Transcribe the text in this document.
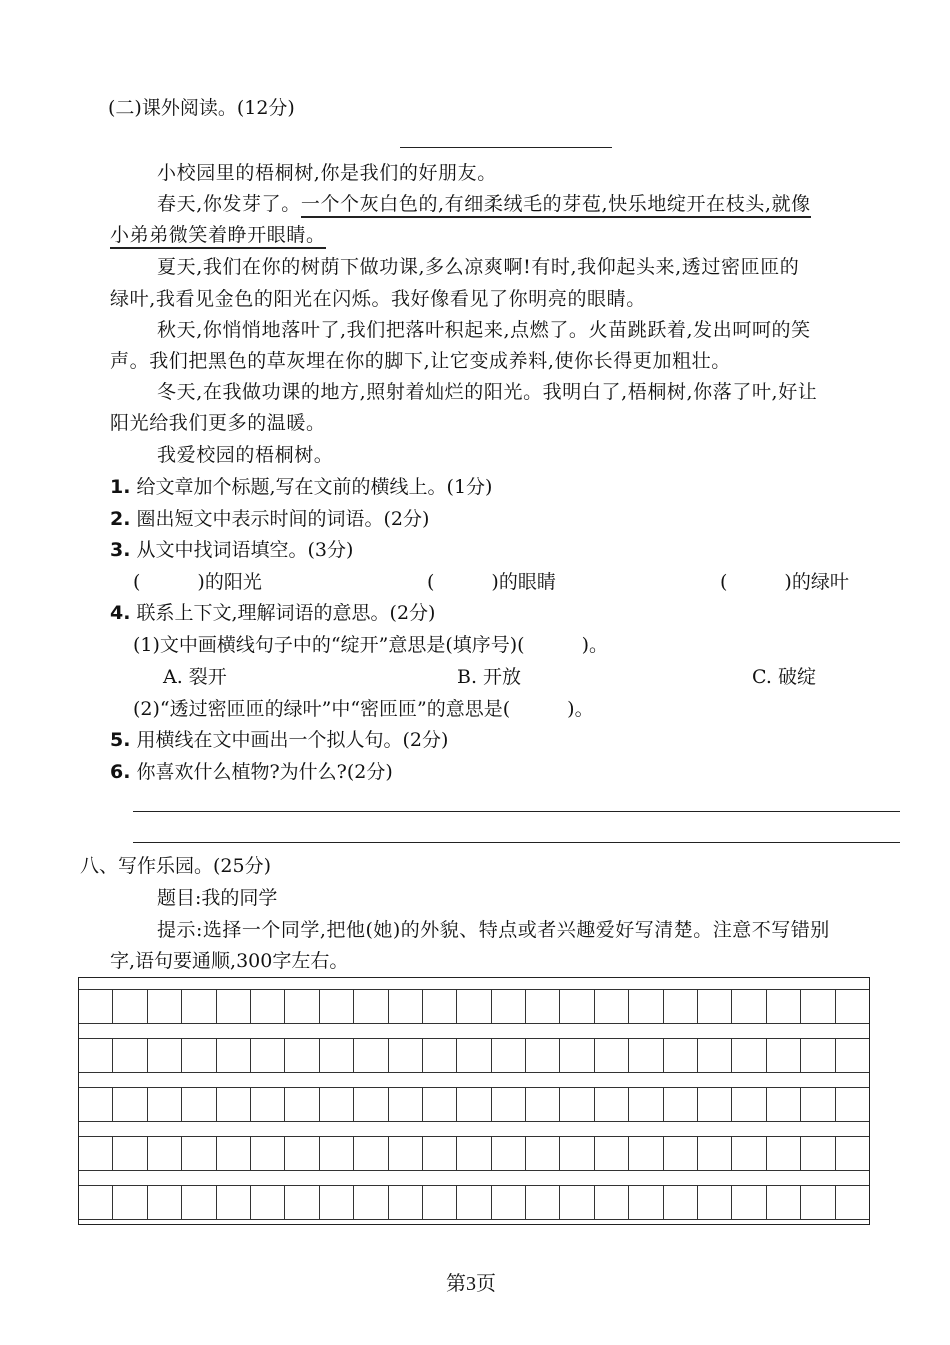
(二)课外阅读。(12分)
小校园里的梧桐树,你是我们的好朋友。
春天,你发芽了。一个个灰白色的,有细柔绒毛的芽苞,快乐地绽开在枝头,就像
小弟弟微笑着睁开眼睛。
夏天,我们在你的树荫下做功课,多么凉爽啊!有时,我仰起头来,透过密匝匝的
绿叶,我看见金色的阳光在闪烁。我好像看见了你明亮的眼睛。
秋天,你悄悄地落叶了,我们把落叶积起来,点燃了。火苗跳跃着,发出呵呵的笑
声。我们把黑色的草灰埋在你的脚下,让它变成养料,使你长得更加粗壮。
冬天,在我做功课的地方,照射着灿烂的阳光。我明白了,梧桐树,你落了叶,好让
阳光给我们更多的温暖。
我爱校园的梧桐树。
1. 给文章加个标题,写在文前的横线上。(1分)
2. 圈出短文中表示时间的词语。(2分)
3. 从文中找词语填空。(3分)
(　　　)的阳光	(　　　)的眼睛	(　　　)的绿叶
4. 联系上下文,理解词语的意思。(2分)
(1)文中画横线句子中的“绽开”意思是(填序号)(　　　)。
A. 裂开	B. 开放	C. 破绽
(2)“透过密匝匝的绿叶”中“密匝匝”的意思是(　　　)。
5. 用横线在文中画出一个拟人句。(2分)
6. 你喜欢什么植物?为什么?(2分)
八、写作乐园。(25分)
题目:我的同学
提示:选择一个同学,把他(她)的外貌、特点或者兴趣爱好写清楚。注意不写错别
字,语句要通顺,300字左右。
第3页
